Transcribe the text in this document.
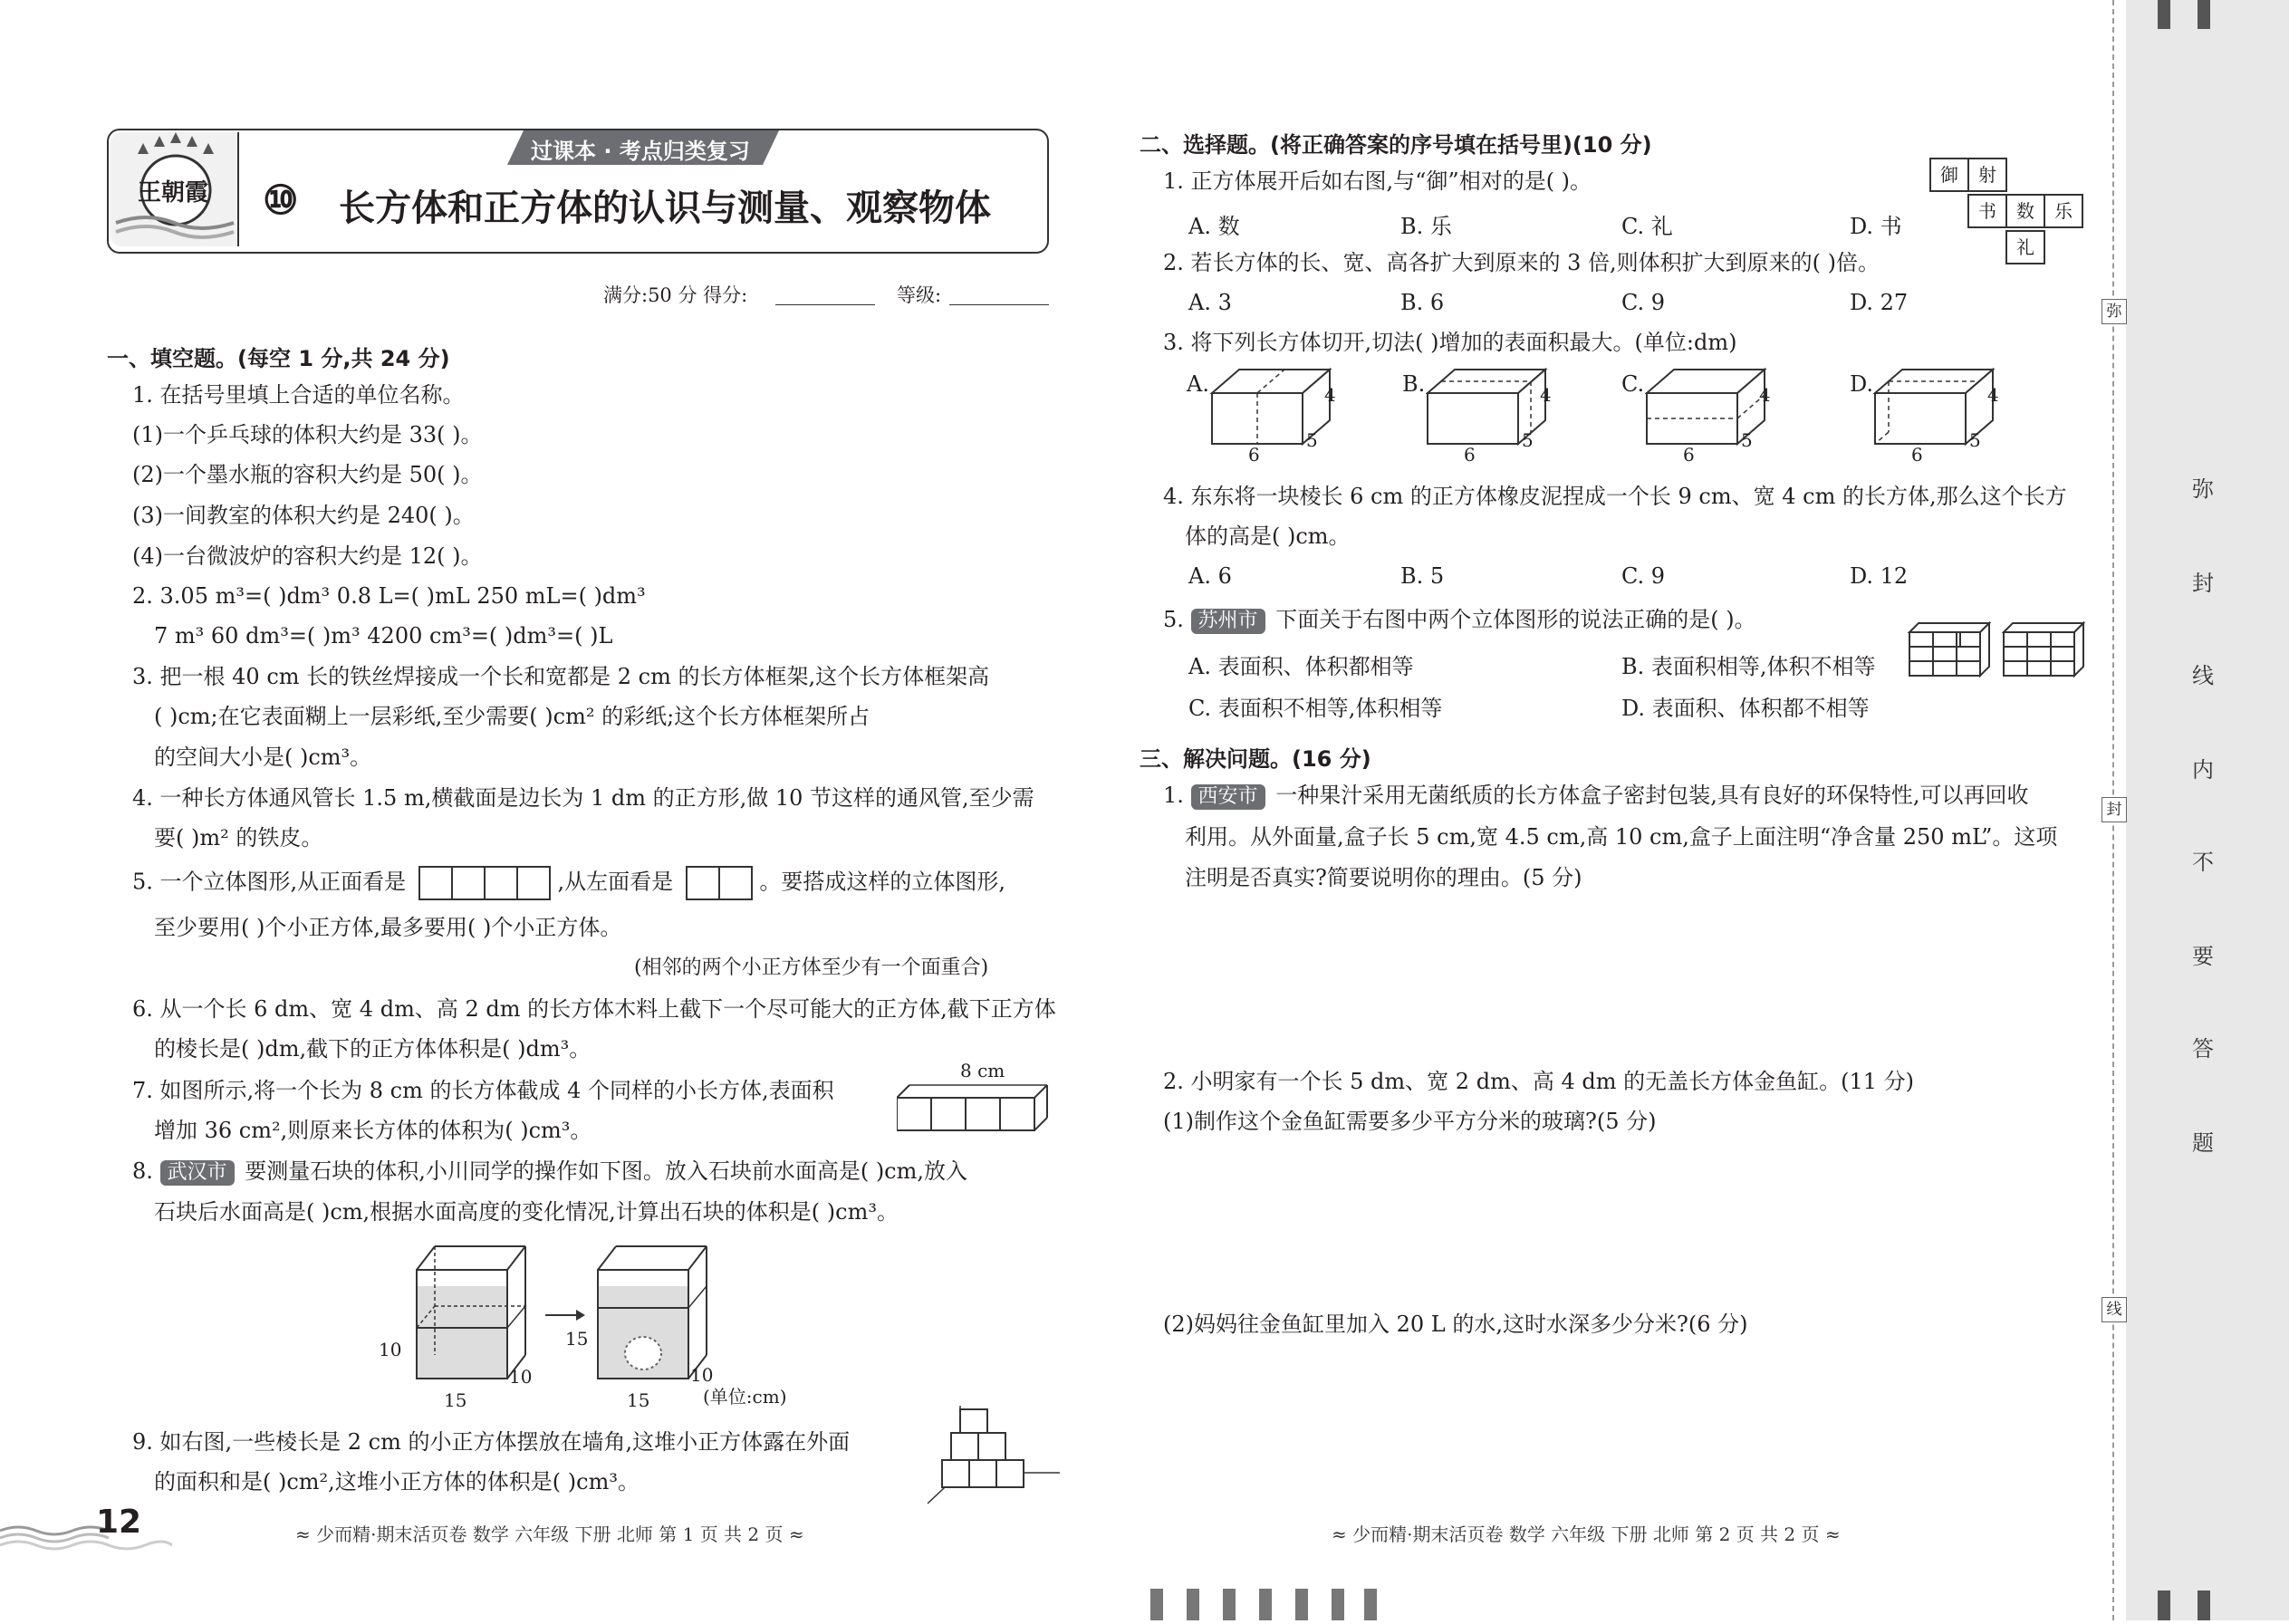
王朝霞
过课本 · 考点归类复习
⑩ 长方体和正方体的认识与测量、观察物体
满分:50 分 得分:	等级:
一、填空题。(每空 1 分,共 24 分)
1. 在括号里填上合适的单位名称。
(1)一个乒乓球的体积大约是 33( )。
(2)一个墨水瓶的容积大约是 50( )。
(3)一间教室的体积大约是 240( )。
(4)一台微波炉的容积大约是 12( )。
2. 3.05 m³=( )dm³ 0.8 L=( )mL 250 mL=( )dm³
7 m³ 60 dm³=( )m³ 4200 cm³=( )dm³=( )L
3. 把一根 40 cm 长的铁丝焊接成一个长和宽都是 2 cm 的长方体框架,这个长方体框架高
( )cm;在它表面糊上一层彩纸,至少需要( )cm² 的彩纸;这个长方体框架所占
的空间大小是( )cm³。
4. 一种长方体通风管长 1.5 m,横截面是边长为 1 dm 的正方形,做 10 节这样的通风管,至少需
要( )m² 的铁皮。
5. 一个立体图形,从正面看是	,从左面看是	。要搭成这样的立体图形,
至少要用( )个小正方体,最多要用( )个小正方体。
(相邻的两个小正方体至少有一个面重合)
6. 从一个长 6 dm、宽 4 dm、高 2 dm 的长方体木料上截下一个尽可能大的正方体,截下正方体
的棱长是( )dm,截下的正方体体积是( )dm³。
7. 如图所示,将一个长为 8 cm 的长方体截成 4 个同样的小长方体,表面积
增加 36 cm²,则原来长方体的体积为( )cm³。
8 cm
8. 武汉市 要测量石块的体积,小川同学的操作如下图。放入石块前水面高是( )cm,放入
石块后水面高是( )cm,根据水面高度的变化情况,计算出石块的体积是( )cm³。
10
10
15
15
10
15	(单位:cm)
9. 如右图,一些棱长是 2 cm 的小正方体摆放在墙角,这堆小正方体露在外面
的面积和是( )cm²,这堆小正方体的体积是( )cm³。
12	≈ 少而精·期末活页卷 数学 六年级 下册 北师 第 1 页 共 2 页 ≈
二、选择题。(将正确答案的序号填在括号里)(10 分)
1. 正方体展开后如右图,与“御”相对的是( )。
A. 数	B. 乐	C. 礼	D. 书
御	射
书	数	乐
礼
2. 若长方体的长、宽、高各扩大到原来的 3 倍,则体积扩大到原来的( )倍。
A. 3	B. 6	C. 9	D. 27
3. 将下列长方体切开,切法( )增加的表面积最大。(单位:dm)
A.	B.	C.	D.
4
5
6
4
5
6
4
5
6
4
5
6
4. 东东将一块棱长 6 cm 的正方体橡皮泥捏成一个长 9 cm、宽 4 cm 的长方体,那么这个长方
体的高是( )cm。
A. 6	B. 5	C. 9	D. 12
5. 苏州市 下面关于右图中两个立体图形的说法正确的是( )。
A. 表面积、体积都相等	B. 表面积相等,体积不相等
C. 表面积不相等,体积相等	D. 表面积、体积都不相等
三、解决问题。(16 分)
1. 西安市 一种果汁采用无菌纸质的长方体盒子密封包装,具有良好的环保特性,可以再回收
利用。从外面量,盒子长 5 cm,宽 4.5 cm,高 10 cm,盒子上面注明“净含量 250 mL”。这项
注明是否真实?简要说明你的理由。(5 分)
2. 小明家有一个长 5 dm、宽 2 dm、高 4 dm 的无盖长方体金鱼缸。(11 分)
(1)制作这个金鱼缸需要多少平方分米的玻璃?(5 分)
(2)妈妈往金鱼缸里加入 20 L 的水,这时水深多少分米?(6 分)
≈ 少而精·期末活页卷 数学 六年级 下册 北师 第 2 页 共 2 页 ≈
弥
封
线
内
不
要
答
题
弥
封
线
